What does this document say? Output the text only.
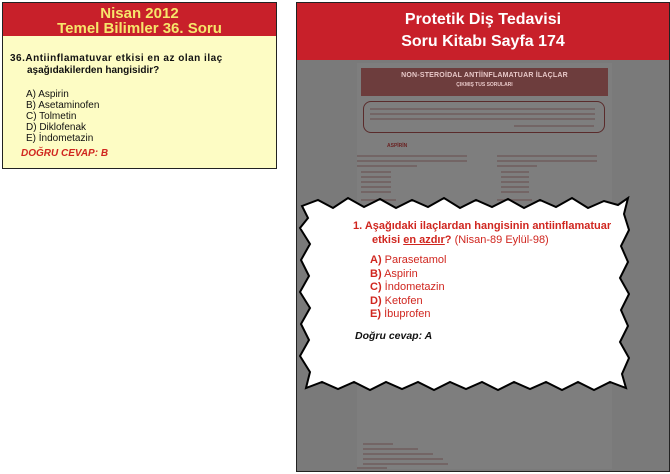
Nisan 2012
Temel Bilimler 36. Soru
36.Antiinflamatuvar etkisi en az olan ilaç
aşağıdakilerden hangisidir?
A) Aspirin
B) Asetaminofen
C) Tolmetin
D) Diklofenak
E) İndometazin
DOĞRU CEVAP: B
Protetik Diş Tedavisi
Soru Kitabı Sayfa 174
NON-STEROİDAL ANTİİNFLAMATUAR İLAÇLAR
ÇIKMIŞ TUS SORULARI
ASPİRİN
1. Aşağıdaki ilaçlardan hangisinin antiinflamatuar
etkisi en azdır? (Nisan-89 Eylül-98)
A) Parasetamol
B) Aspirin
C) İndometazin
D) Ketofen
E) İbuprofen
Doğru cevap: A
